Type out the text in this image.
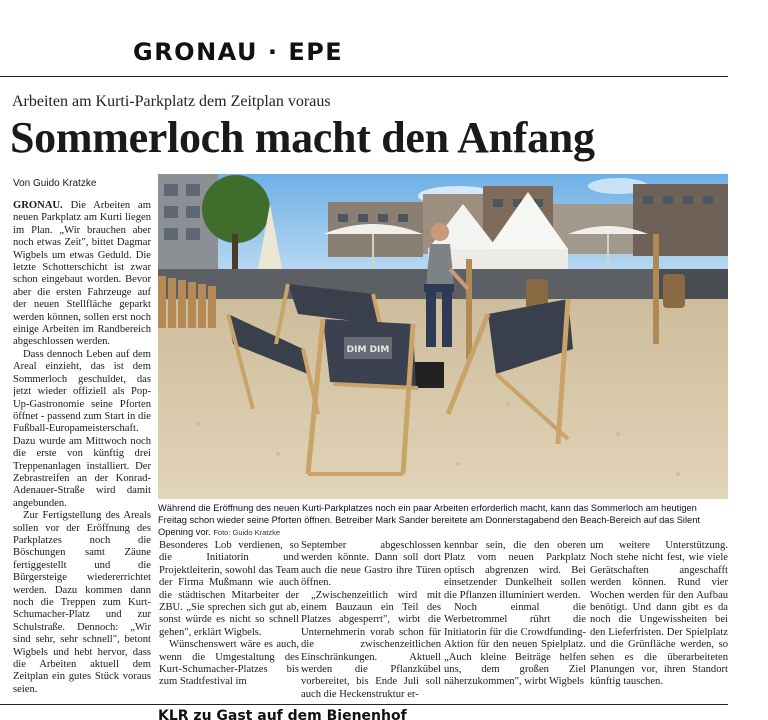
GRONAU · EPE
Arbeiten am Kurti-Parkplatz dem Zeitplan voraus
Sommerloch macht den Anfang
Von Guido Kratzke

GRONAU. Die Arbeiten am neuen Parkplatz am Kurti liegen im Plan. „Wir brauchen aber noch etwas Zeit", bittet Dagmar Wigbels um etwas Geduld. Die letzte Schotterschicht ist zwar schon eingebaut worden. Bevor aber die ersten Fahrzeuge auf der neuen Stellfläche geparkt werden können, sollen erst noch einige Arbeiten im Randbereich abgeschlossen werden.

Dass dennoch Leben auf dem Areal einzieht, das ist dem Sommerloch geschuldet, das jetzt wieder offiziell als Pop-Up-Gastronomie seine Pforten öffnet - passend zum Start in die Fußball-Europameisterschaft. Dazu wurde am Mittwoch noch die erste von künftig drei Treppenanlagen installiert. Der Zebrastreifen an der Konrad-Adenauer-Straße wird damit angebunden.

Zur Fertigstellung des Areals sollen vor der Eröffnung des Parkplatzes noch die Böschungen samt Zäune fertiggestellt und die Bürgersteige wiedererrichtet werden. Dazu kommen dann noch die Treppen zum Kurt-Schumacher-Platz und zur Schulstraße. Dennoch: „Wir sind sehr, sehr schnell", betont Wigbels und hebt hervor, dass die Arbeiten aktuell dem Zeitplan ein gutes Stück voraus seien.

DIM DIM
Während die Eröffnung des neuen Kurti-Parkplatzes noch ein paar Arbeiten erforderlich macht, kann das Sommerloch am heutigen Freitag schon wieder seine Pforten öffnen. Betreiber Mark Sander bereitete am Donnerstagabend den Beach-Bereich auf das Silent Opening vor. Foto: Guido Kratzke

Besonderes Lob verdienen, so die Initiatorin und Projektleiterin, sowohl das Team der Firma Mußmann wie auch die städtischen Mitarbeiter der ZBU. „Sie sprechen sich gut ab, sonst würde es nicht so schnell gehen", erklärt Wigbels.

Wünschenswert wäre es auch, wenn die Umgestaltung des Kurt-Schumacher-Platzes bis zum Stadtfestival im

September abgeschlossen werden könnte. Dann soll dort auch die neue Gastro ihre Türen öffnen.

„Zwischenzeitlich wird mit einem Bauzaun ein Teil des Platzes abgesperrt", wirbt die Unternehmerin vorab schon für die zwischenzeitlichen Einschränkungen. Aktuell werden die Pflanzkübel vorbereitet, bis Ende Juli soll auch die Heckenstruktur er-

kennbar sein, die den oberen Platz vom neuen Parkplatz optisch abgrenzen wird. Bei einsetzender Dunkelheit sollen die Pflanzen illuminiert werden.

Noch einmal die Werbetrommel rührt die Initiatorin für die Crowdfunding-Aktion für den neuen Spielplatz. „Auch kleine Beiträge helfen uns, dem großen Ziel näherzukommen", wirbt Wigbels

um weitere Unterstützung. Noch stehe nicht fest, wie viele Gerätschaften angeschafft werden können. Rund vier Wochen werden für den Aufbau benötigt. Und dann gibt es da noch die Ungewissheiten bei den Lieferfristen. Der Spielplatz und die Grünfläche werden, so sehen es die überarbeiteten Planungen vor, ihren Standort künftig tauschen.

KLR zu Gast auf dem Bienenhof
